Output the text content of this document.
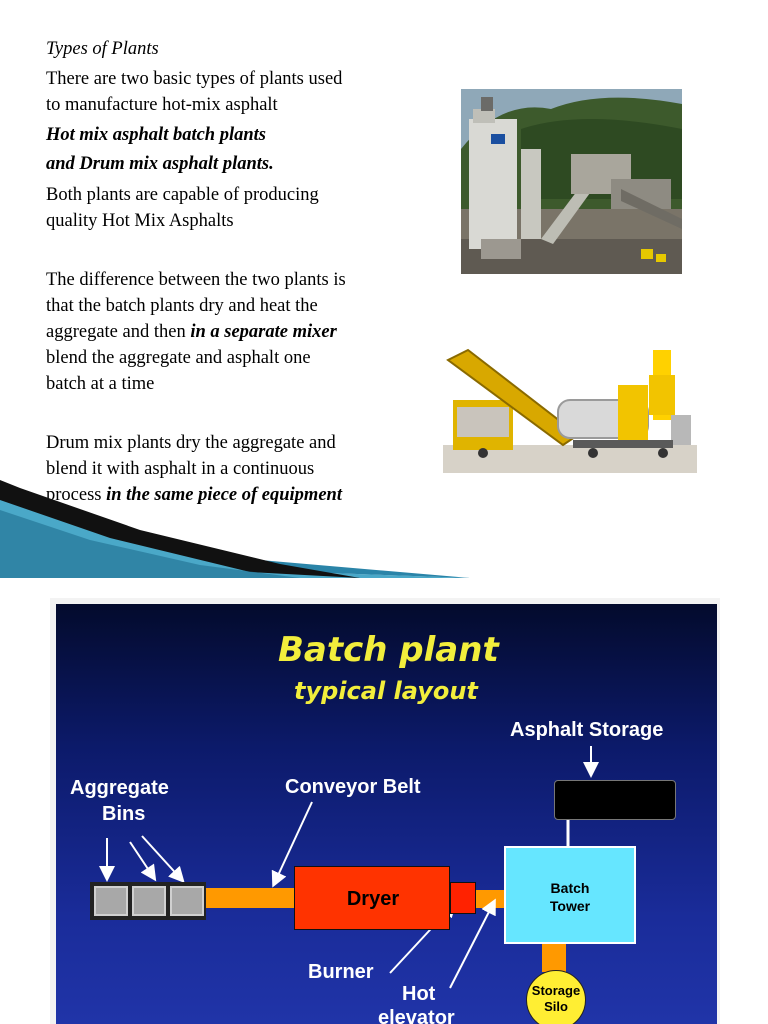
Types of Plants
There are two basic types of plants used
to manufacture hot-mix asphalt
Hot mix asphalt batch plants
and Drum mix asphalt plants.
Both plants are capable of producing
quality Hot Mix Asphalts
The difference between the two plants is
that the batch plants dry and heat the
aggregate and then in a separate mixer
blend the aggregate and asphalt one
batch at a time
Drum mix plants dry the aggregate and
blend it with asphalt in a continuous
process in the same piece of equipment
Batch plant
typical layout
Dryer	Batch
Tower
Storage
Silo
Asphalt Storage
Aggregate
Bins
Conveyor Belt
Burner
Hot
elevator
